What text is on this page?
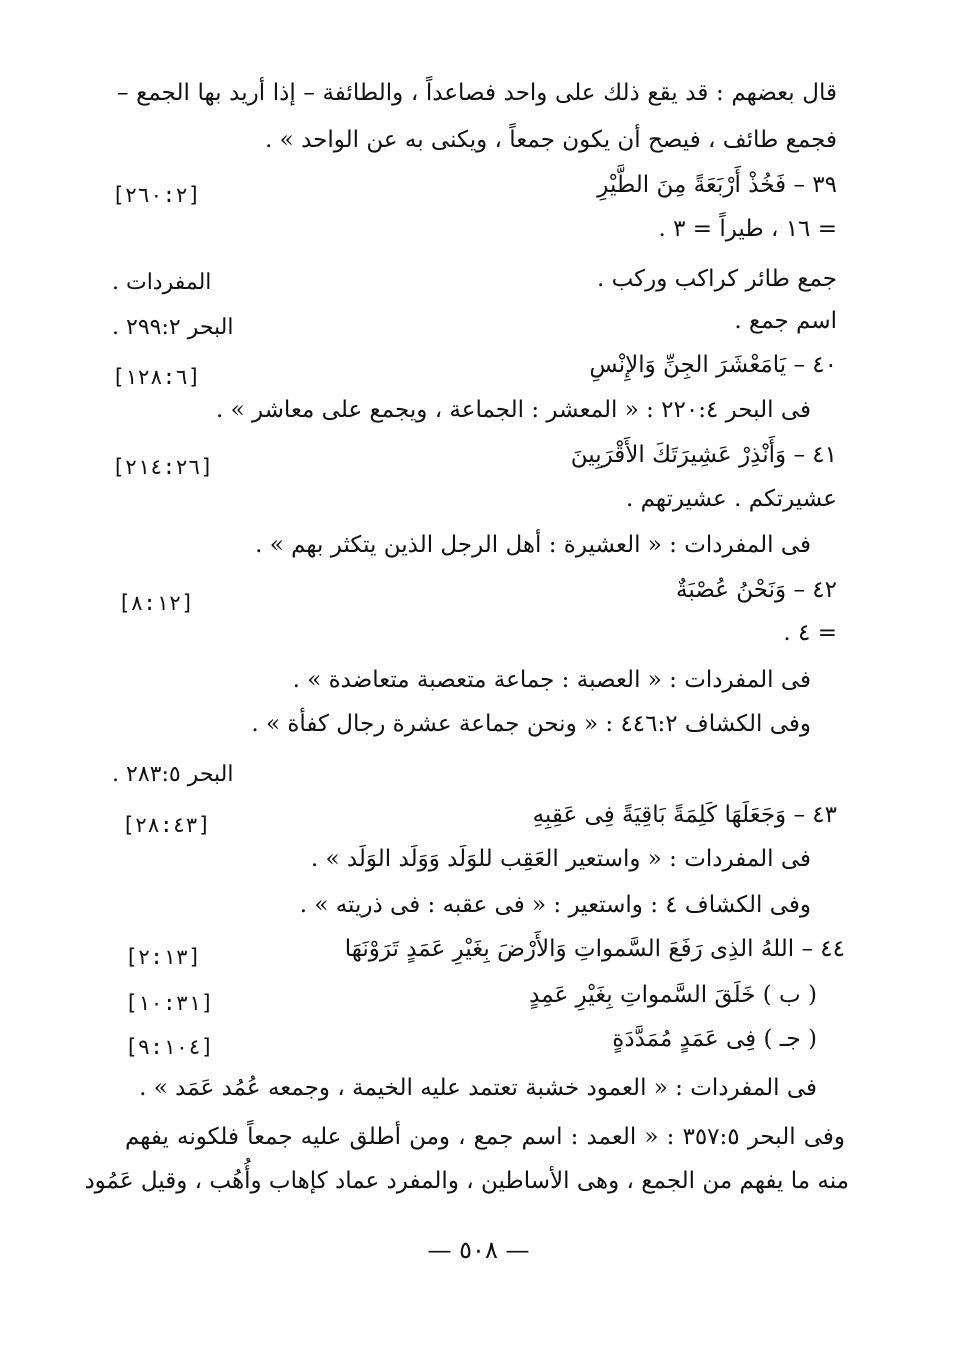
قال بعضهم : قد يقع ذلك على واحد فصاعداً ، والطائفة – إذا أريد بها الجمع –
فجمع طائف ، فيصح أن يكون جمعاً ، ويكنى به عن الواحد » .
٣٩ – فَخُذْ أَرْبَعَةً مِنَ الطَّيْرِ
= ١٦ ، طيراً = ٣ .
جمع طائر كراكب وركب .
اسم جمع .
٤٠ – يَامَعْشَرَ الجِنِّ وَالإِنْسِ
فى البحر ٢٢٠:٤ : « المعشر : الجماعة ، ويجمع على معاشر » .
٤١ – وَأَنْذِرْ عَشِيرَتَكَ الأَقْرَبِينَ
عشيرتكم . عشيرتهم .
فى المفردات : « العشيرة : أهل الرجل الذين يتكثر بهم » .
٤٢ – وَنَحْنُ عُصْبَةٌ
= ٤ .
فى المفردات : « العصبة : جماعة متعصبة متعاضدة » .
وفى الكشاف ٤٤٦:٢ : « ونحن جماعة عشرة رجال كفأة » .
٤٣ – وَجَعَلَهَا كَلِمَةً بَاقِيَةً فِى عَقِبِهِ
فى المفردات : « واستعير العَقِب للوَلَد وَوَلَد الوَلَد » .
وفى الكشاف ٤ : واستعير : « فى عقبه : فى ذريته » .
٤٤ – اللهُ الذِى رَفَعَ السَّمواتِ وَالأَرْضَ بِغَيْرِ عَمَدٍ تَرَوْنَهَا
( ب ) خَلَقَ السَّمواتِ بِغَيْرِ عَمِدٍ
( جـ ) فِى عَمَدٍ مُمَدَّدَةٍ
فى المفردات : « العمود خشبة تعتمد عليه الخيمة ، وجمعه عُمُد عَمَد » .
وفى البحر ٣٥٧:٥ : « العمد : اسم جمع ، ومن أطلق عليه جمعاً فلكونه يفهم
منه ما يفهم من الجمع ، وهى الأساطين ، والمفرد عماد كإهاب وأُهُب ، وقيل عَمُود
[٢٦٠:٢]
[١٢٨:٦]
[٢١٤:٢٦]
[٨:١٢]
[٢٨:٤٣]
[٢:١٣]
[١٠:٣١]
[٩:١٠٤]
المفردات .
البحر ٢٩٩:٢ .
البحر ٢٨٣:٥ .
— ٥٠٨ —
